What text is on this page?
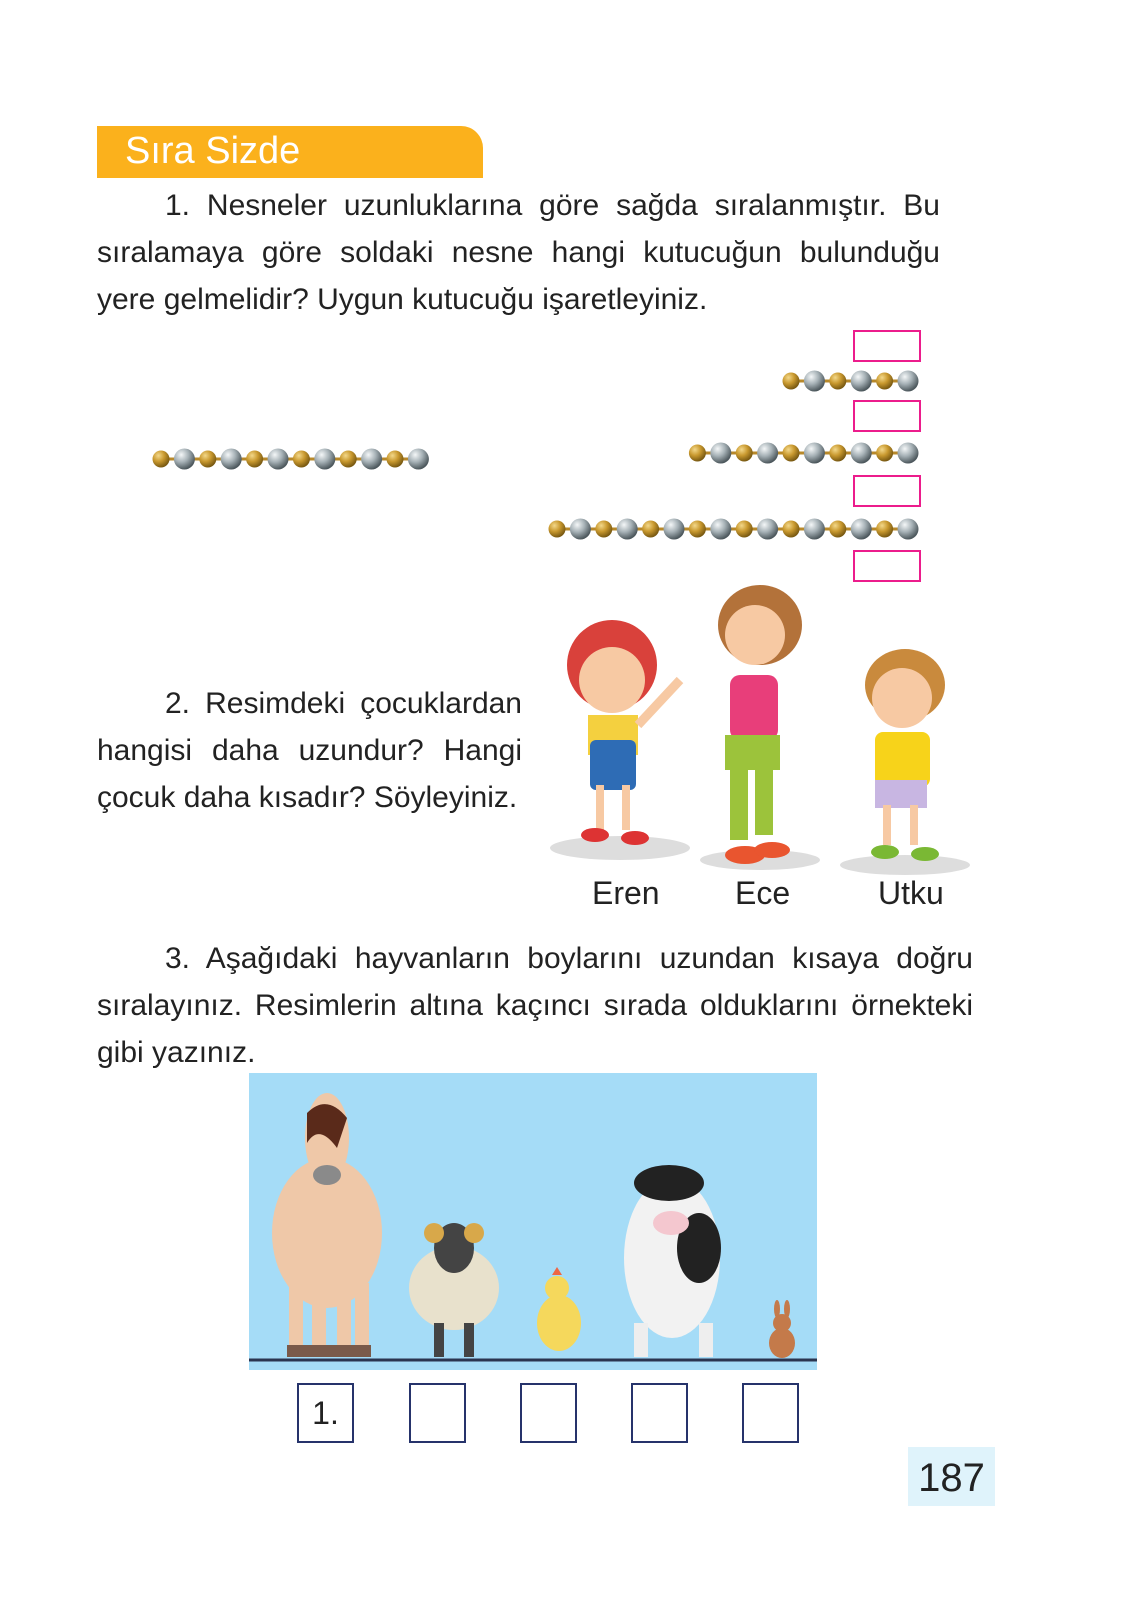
Sıra Sizde
1. Nesneler uzunluklarına göre sağda sıralanmıştır. Bu sıralamaya göre soldaki nesne hangi kutucuğun bulunduğu yere gelmelidir? Uygun kutucuğu işaretleyiniz.
2. Resimdeki çocuklardan hangisi daha uzundur? Hangi çocuk daha kısadır? Söyleyiniz.
Eren Ece	Utku
3. Aşağıdaki hayvanların boylarını uzundan kısaya doğru sıralayınız. Resimlerin altına kaçıncı sırada olduklarını örnekteki gibi yazınız.
1.
187
